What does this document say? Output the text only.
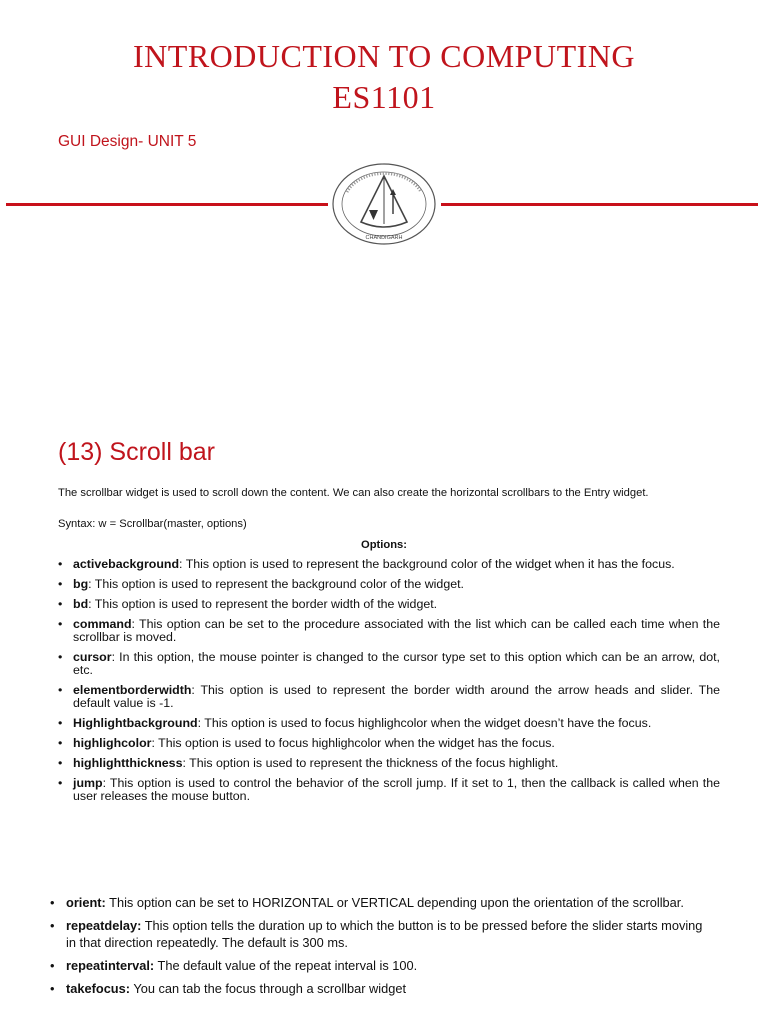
INTRODUCTION TO COMPUTING
ES1101
GUI Design- UNIT 5
CHANDIGARH
(13) Scroll bar
The scrollbar widget is used to scroll down the content. We can also create the horizontal scrollbars to the Entry widget.
Syntax: w = Scrollbar(master, options)
Options:
• activebackground: This option is used to represent the background color of the widget when it has the focus.
• bg: This option is used to represent the background color of the widget.
• bd: This option is used to represent the border width of the widget.
• command: This option can be set to the procedure associated with the list which can be called each time when the scrollbar is moved.
• cursor: In this option, the mouse pointer is changed to the cursor type set to this option which can be an arrow, dot, etc.
• elementborderwidth: This option is used to represent the border width around the arrow heads and slider. The default value is -1.
• Highlightbackground: This option is used to focus highlighcolor when the widget doesn’t have the focus.
• highlighcolor: This option is used to focus highlighcolor when the widget has the focus.
• highlightthickness: This option is used to represent the thickness of the focus highlight.
• jump: This option is used to control the behavior of the scroll jump. If it set to 1, then the callback is called when the user releases the mouse button.
• orient: This option can be set to HORIZONTAL or VERTICAL depending upon the orientation of the scrollbar.
• repeatdelay: This option tells the duration up to which the button is to be pressed before the slider starts moving in that direction repeatedly. The default is 300 ms.
• repeatinterval: The default value of the repeat interval is 100.
• takefocus: You can tab the focus through a scrollbar widget
